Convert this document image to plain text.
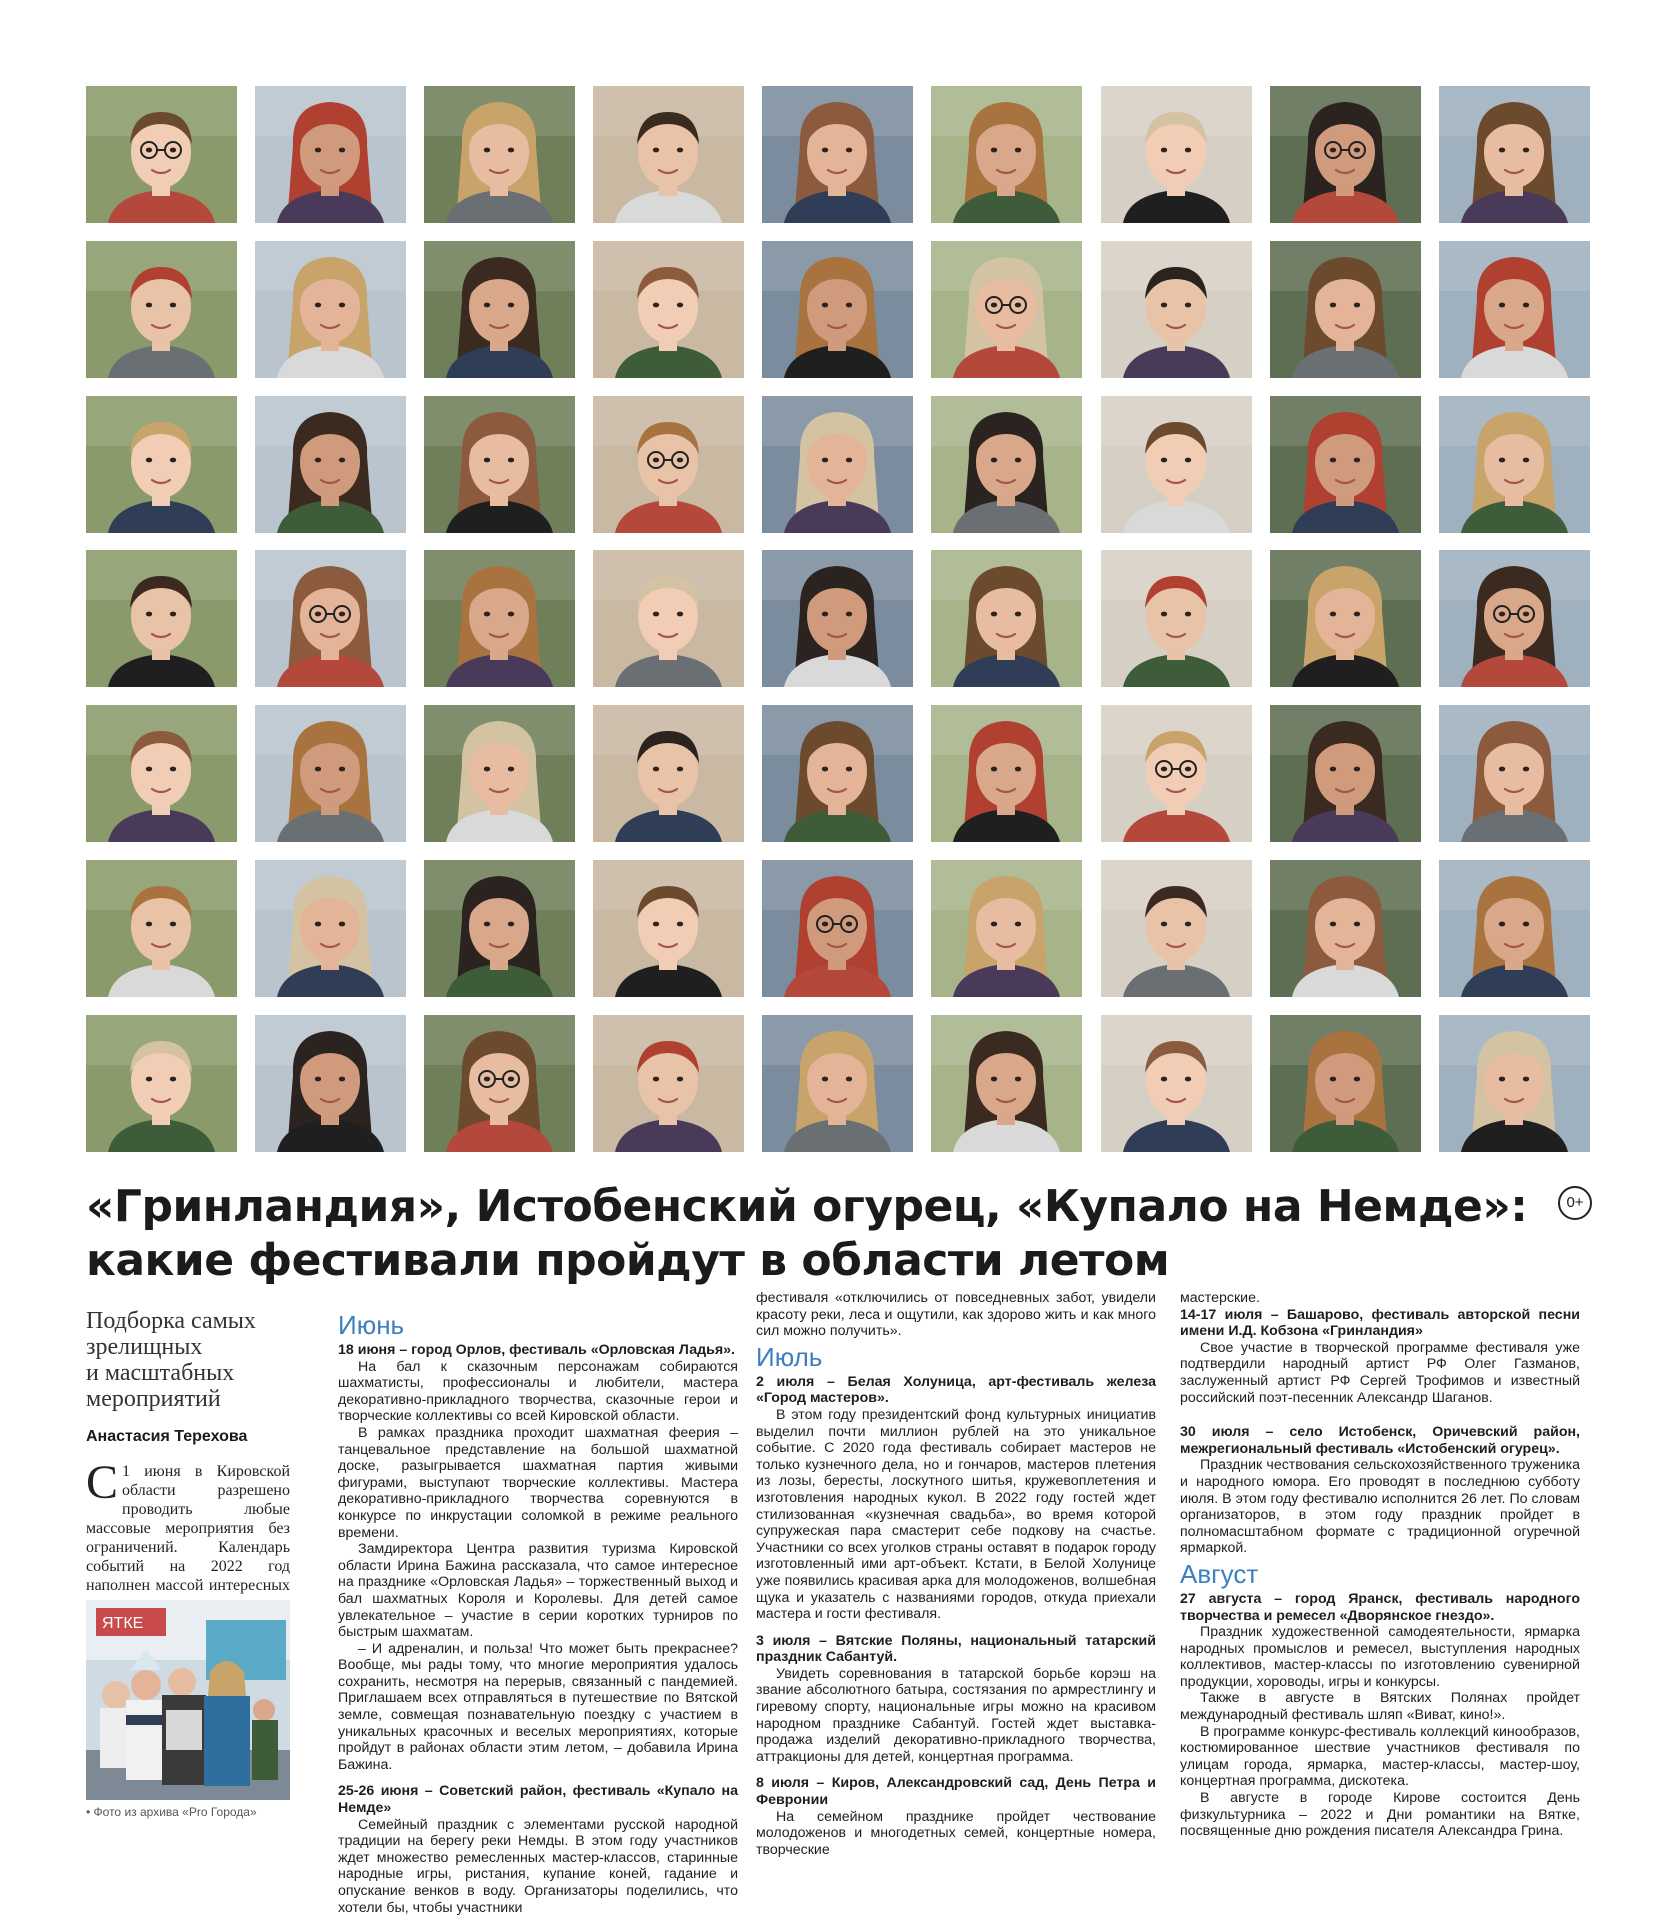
«Гринландия», Истобенский огурец, «Купало на Немде»:
какие фестивали пройдут в области летом
0+
Подборка самых
зрелищных
и масштабных
мероприятий
Анастасия Терехова
С 1 июня в Кировской области разрешено проводить любые массовые мероприятия без ограничений. Календарь событий на 2022 год наполнен массой интересных
ЯТКЕ
• Фото из архива «Pro Города»
Июнь
18 июня – город Орлов, фестиваль «Орловская Ладья».
На бал к сказочным персонажам собираются шахматисты, профессионалы и любители, мастера декоративно-прикладного творчества, сказочные герои и творческие коллективы со всей Кировской области.
В рамках праздника проходит шахматная феерия – танцевальное представление на большой шахматной доске, разыгрывается шахматная партия живыми фигурами, выступают творческие коллективы. Мастера декоративно-прикладного творчества соревнуются в конкурсе по инкрустации соломкой в режиме реального времени.
Замдиректора Центра развития туризма Кировской области Ирина Бажина рассказала, что самое интересное на празднике «Орловская Ладья» – торжественный выход и бал шахматных Короля и Королевы. Для детей самое увлекательное – участие в серии коротких турниров по быстрым шахматам.
– И адреналин, и польза! Что может быть прекраснее? Вообще, мы рады тому, что многие мероприятия удалось сохранить, несмотря на перерыв, связанный с пандемией. Приглашаем всех отправляться в путешествие по Вятской земле, совмещая познавательную поездку с участием в уникальных красочных и веселых мероприятиях, которые пройдут в районах области этим летом, – добавила Ирина Бажина.
25-26 июня – Советский район, фестиваль «Купало на Немде»
Семейный праздник с элементами русской народной традиции на берегу реки Немды. В этом году участников ждет множество ремесленных мастер-классов, старинные народные игры, ристания, купание коней, гадание и опускание венков в воду. Организаторы поделились, что хотели бы, чтобы участники
фестиваля «отключились от повседневных забот, увидели красоту реки, леса и ощутили, как здорово жить и как много сил можно получить».
Июль
2 июля – Белая Холуница, арт-фестиваль железа «Город мастеров».
В этом году президентский фонд культурных инициатив выделил почти миллион рублей на это уникальное событие. С 2020 года фестиваль собирает мастеров не только кузнечного дела, но и гончаров, мастеров плетения из лозы, бересты, лоскутного шитья, кружевоплетения и изготовления народных кукол. В 2022 году гостей ждет стилизованная «кузнечная свадьба», во время которой супружеская пара смастерит себе подкову на счастье. Участники со всех уголков страны оставят в подарок городу изготовленный ими арт-объект. Кстати, в Белой Холунице уже появились красивая арка для молодоженов, волшебная щука и указатель с названиями городов, откуда приехали мастера и гости фестиваля.
3 июля – Вятские Поляны, национальный татарский праздник Сабантуй.
Увидеть соревнования в татарской борьбе корэш на звание абсолютного батыра, состязания по армрестлингу и гиревому спорту, национальные игры можно на красивом народном празднике Сабантуй. Гостей ждет выставка-продажа изделий декоративно-прикладного творчества, аттракционы для детей, концертная программа.
8 июля – Киров, Александровский сад, День Петра и Февронии
На семейном празднике пройдет чествование молодоженов и многодетных семей, концертные номера, творческие
мастерские.
14-17 июля – Башарово, фестиваль авторской песни имени И.Д. Кобзона «Гринландия»
Свое участие в творческой программе фестиваля уже подтвердили народный артист РФ Олег Газманов, заслуженный артист РФ Сергей Трофимов и известный российский поэт-песенник Александр Шаганов.
30 июля – село Истобенск, Оричевский район, межрегиональный фестиваль «Истобенский огурец».
Праздник чествования сельскохозяйственного труженика и народного юмора. Его проводят в последнюю субботу июля. В этом году фестивалю исполнится 26 лет. По словам организаторов, в этом году праздник пройдет в полномасштабном формате с традиционной огуречной ярмаркой.
Август
27 августа – город Яранск, фестиваль народного творчества и ремесел «Дворянское гнездо».
Праздник художественной самодеятельности, ярмарка народных промыслов и ремесел, выступления народных коллективов, мастер-классы по изготовлению сувенирной продукции, хороводы, игры и конкурсы.
Также в августе в Вятских Полянах пройдет международный фестиваль шляп «Виват, кино!».
В программе конкурс-фестиваль коллекций кинообразов, костюмированное шествие участников фестиваля по улицам города, ярмарка, мастер-классы, мастер-шоу, концертная программа, дискотека.
В августе в городе Кирове состоится День физкультурника – 2022 и Дни романтики на Вятке, посвященные дню рождения писателя Александра Грина.
